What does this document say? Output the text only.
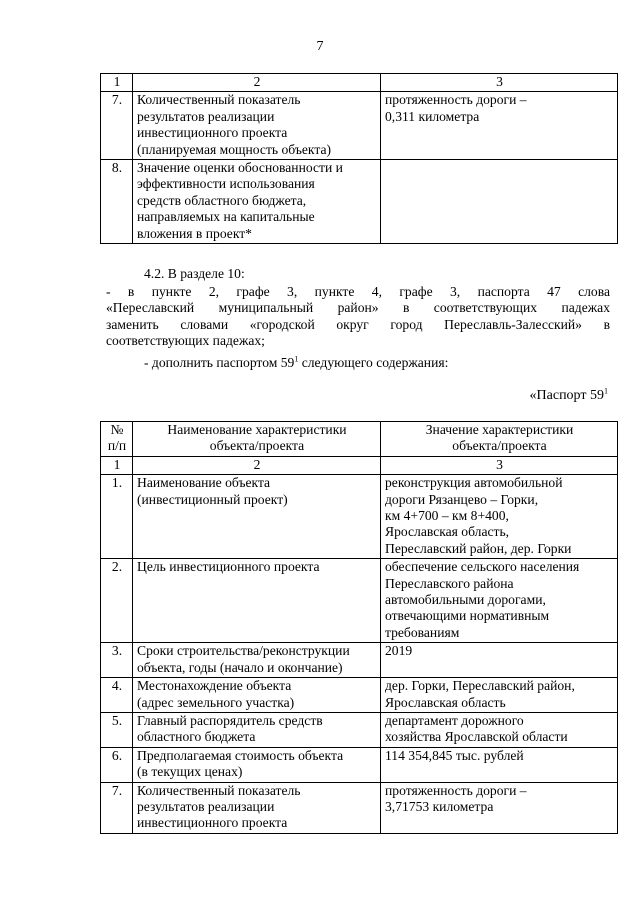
7
1	2	3
7.	Количественный показатель
результатов реализации
инвестиционного проекта
(планируемая мощность объекта)	протяженность дороги –
0,311 километра
8.	Значение оценки обоснованности и
эффективности использования
средств областного бюджета,
направляемых на капитальные
вложения в проект*	
4.2. В разделе 10:
- в пункте 2, графе 3, пункте 4, графе 3, паспорта 47 слова
«Переславский муниципальный район» в соответствующих падежах
заменить словами «городской округ город Переславль-Залесский» в
соответствующих падежах;
- дополнить паспортом $59^1$ следующего содержания:
«Паспорт $59^1$
№
п/п	Наименование характеристики
объекта/проекта	Значение характеристики
объекта/проекта
1	2	3
1.	Наименование объекта
(инвестиционный проект)	реконструкция автомобильной
дороги Рязанцево – Горки,
км 4+700 – км 8+400,
Ярославская область,
Переславский район, дер. Горки
2.	Цель инвестиционного проекта	обеспечение сельского населения
Переславского района
автомобильными дорогами,
отвечающими нормативным
требованиям
3.	Сроки строительства/реконструкции
объекта, годы (начало и окончание)	2019
4.	Местонахождение объекта
(адрес земельного участка)	дер. Горки, Переславский район,
Ярославская область
5.	Главный распорядитель средств
областного бюджета	департамент дорожного
хозяйства Ярославской области
6.	Предполагаемая стоимость объекта
(в текущих ценах)	114 354,845 тыс. рублей
7.	Количественный показатель
результатов реализации
инвестиционного проекта	протяженность дороги –
3,71753 километра
